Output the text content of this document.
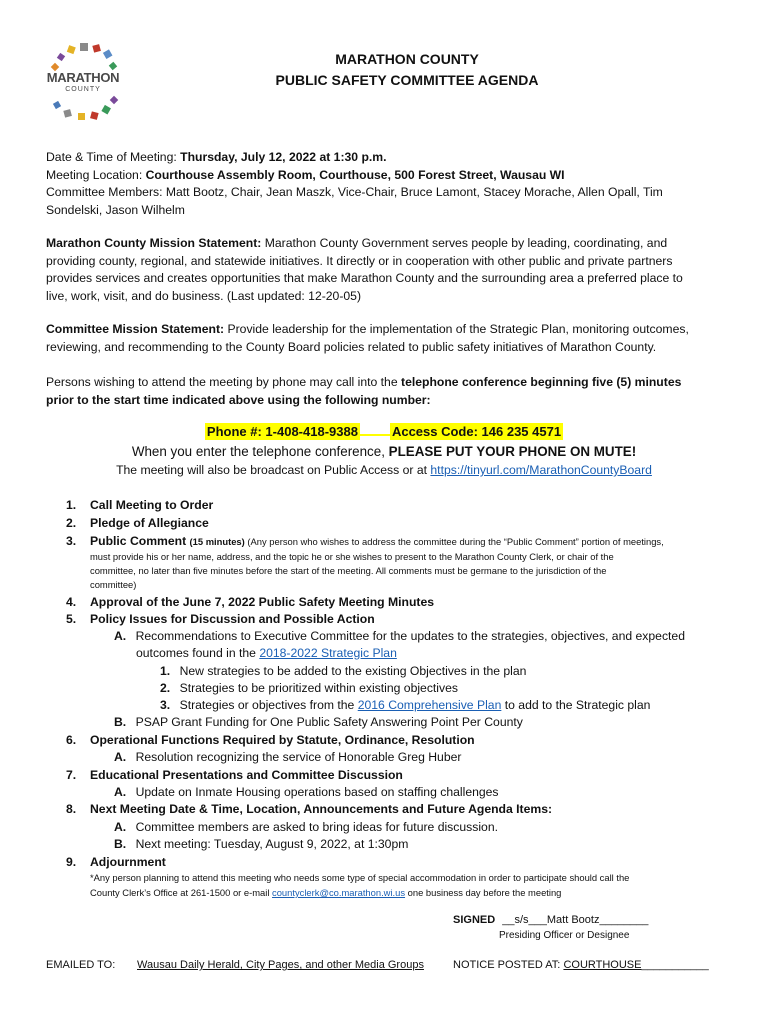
MARATHON
COUNTY
MARATHON COUNTY
PUBLIC SAFETY COMMITTEE AGENDA
Date & Time of Meeting: Thursday, July 12, 2022 at 1:30 p.m.
Meeting Location: Courthouse Assembly Room, Courthouse, 500 Forest Street, Wausau WI
Committee Members: Matt Bootz, Chair, Jean Maszk, Vice-Chair, Bruce Lamont, Stacey Morache, Allen Opall, Tim
Sondelski, Jason Wilhelm
Marathon County Mission Statement: Marathon County Government serves people by leading, coordinating, and
providing county, regional, and statewide initiatives. It directly or in cooperation with other public and private partners
provides services and creates opportunities that make Marathon County and the surrounding area a preferred place to
live, work, visit, and do business. (Last updated: 12-20-05)
Committee Mission Statement: Provide leadership for the implementation of the Strategic Plan, monitoring outcomes,
reviewing, and recommending to the County Board policies related to public safety initiatives of Marathon County.
Persons wishing to attend the meeting by phone may call into the telephone conference beginning five (5) minutes
prior to the start time indicated above using the following number:
Phone #: 1-408-418-9388	Access Code: 146 235 4571
When you enter the telephone conference, PLEASE PUT YOUR PHONE ON MUTE!
The meeting will also be broadcast on Public Access or at https://tinyurl.com/MarathonCountyBoard
1.	Call Meeting to Order
2.	Pledge of Allegiance
3.	Public Comment (15 minutes) (Any person who wishes to address the committee during the “Public Comment” portion of meetings,
must provide his or her name, address, and the topic he or she wishes to present to the Marathon County Clerk, or chair of the
committee, no later than five minutes before the start of the meeting. All comments must be germane to the jurisdiction of the
committee)
4.	Approval of the June 7, 2022 Public Safety Meeting Minutes
5.	Policy Issues for Discussion and Possible Action
A. Recommendations to Executive Committee for the updates to the strategies, objectives, and expected
outcomes found in the 2018-2022 Strategic Plan
1. New strategies to be added to the existing Objectives in the plan
2. Strategies to be prioritized within existing objectives
3. Strategies or objectives from the 2016 Comprehensive Plan to add to the Strategic plan
B. PSAP Grant Funding for One Public Safety Answering Point Per County
6.	Operational Functions Required by Statute, Ordinance, Resolution
A. Resolution recognizing the service of Honorable Greg Huber
7.	Educational Presentations and Committee Discussion
A. Update on Inmate Housing operations based on staffing challenges
8.	Next Meeting Date & Time, Location, Announcements and Future Agenda Items:
A. Committee members are asked to bring ideas for future discussion.
B. Next meeting: Tuesday, August 9, 2022, at 1:30pm
9.	Adjournment
*Any person planning to attend this meeting who needs some type of special accommodation in order to participate should call the
County Clerk’s Office at 261-1500 or e-mail countyclerk@co.marathon.wi.us one business day before the meeting
SIGNED __s/s___Matt Bootz________
Presiding Officer or Designee
EMAILED TO: Wausau Daily Herald, City Pages, and other Media Groups	NOTICE POSTED AT: COURTHOUSE___________
